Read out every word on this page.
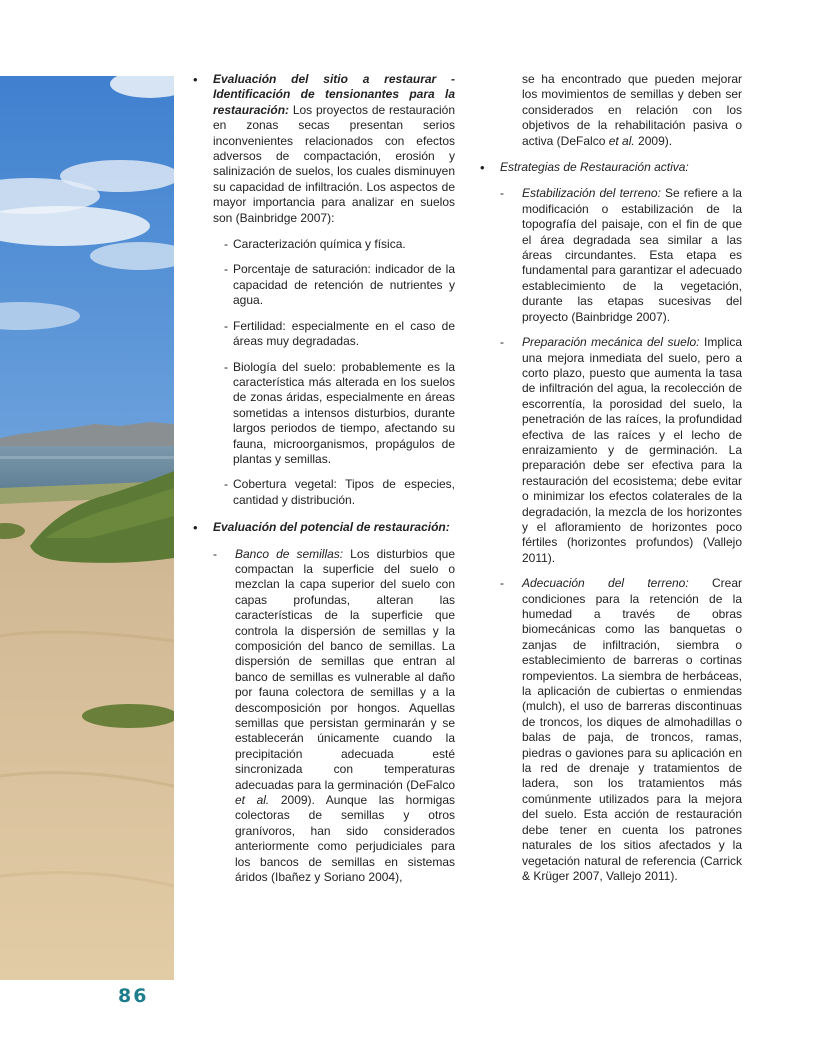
86
• Evaluación del sitio a restaurar - Identificación de tensionantes para la restauración: Los proyectos de restauración en zonas secas presentan serios inconvenientes relacionados con efectos adversos de compactación, erosión y salinización de suelos, los cuales disminuyen su capacidad de infiltración. Los aspectos de mayor importancia para analizar en suelos son (Bainbridge 2007):
- Caracterización química y física.
- Porcentaje de saturación: indicador de la capacidad de retención de nutrientes y agua.
- Fertilidad: especialmente en el caso de áreas muy degradadas.
- Biología del suelo: probablemente es la característica más alterada en los suelos de zonas áridas, especialmente en áreas sometidas a intensos disturbios, durante largos periodos de tiempo, afectando su fauna, microorganismos, propágulos de plantas y semillas.
- Cobertura vegetal: Tipos de especies, cantidad y distribución.
• Evaluación del potencial de restauración:
- Banco de semillas: Los disturbios que compactan la superficie del suelo o mezclan la capa superior del suelo con capas profundas, alteran las características de la superficie que controla la dispersión de semillas y la composición del banco de semillas. La dispersión de semillas que entran al banco de semillas es vulnerable al daño por fauna colectora de semillas y a la descomposición por hongos. Aquellas semillas que persistan germinarán y se establecerán únicamente cuando la precipitación adecuada esté sincronizada con temperaturas adecuadas para la germinación (DeFalco et al. 2009). Aunque las hormigas colectoras de semillas y otros granívoros, han sido considerados anteriormente como perjudiciales para los bancos de semillas en sistemas áridos (Ibañez y Soriano 2004),
se ha encontrado que pueden mejorar los movimientos de semillas y deben ser considerados en relación con los objetivos de la rehabilitación pasiva o activa (DeFalco et al. 2009).
• Estrategias de Restauración activa:
- Estabilización del terreno: Se refiere a la modificación o estabilización de la topografía del paisaje, con el fin de que el área degradada sea similar a las áreas circundantes. Esta etapa es fundamental para garantizar el adecuado establecimiento de la vegetación, durante las etapas sucesivas del proyecto (Bainbridge 2007).
- Preparación mecánica del suelo: Implica una mejora inmediata del suelo, pero a corto plazo, puesto que aumenta la tasa de infiltración del agua, la recolección de escorrentía, la porosidad del suelo, la penetración de las raíces, la profundidad efectiva de las raíces y el lecho de enraizamiento y de germinación. La preparación debe ser efectiva para la restauración del ecosistema; debe evitar o minimizar los efectos colaterales de la degradación, la mezcla de los horizontes y el afloramiento de horizontes poco fértiles (horizontes profundos) (Vallejo 2011).
- Adecuación del terreno: Crear condiciones para la retención de la humedad a través de obras biomecánicas como las banquetas o zanjas de infiltración, siembra o establecimiento de barreras o cortinas rompevientos. La siembra de herbáceas, la aplicación de cubiertas o enmiendas (mulch), el uso de barreras discontinuas de troncos, los diques de almohadillas o balas de paja, de troncos, ramas, piedras o gaviones para su aplicación en la red de drenaje y tratamientos de ladera, son los tratamientos más comúnmente utilizados para la mejora del suelo. Esta acción de restauración debe tener en cuenta los patrones naturales de los sitios afectados y la vegetación natural de referencia (Carrick & Krüger 2007, Vallejo 2011).
